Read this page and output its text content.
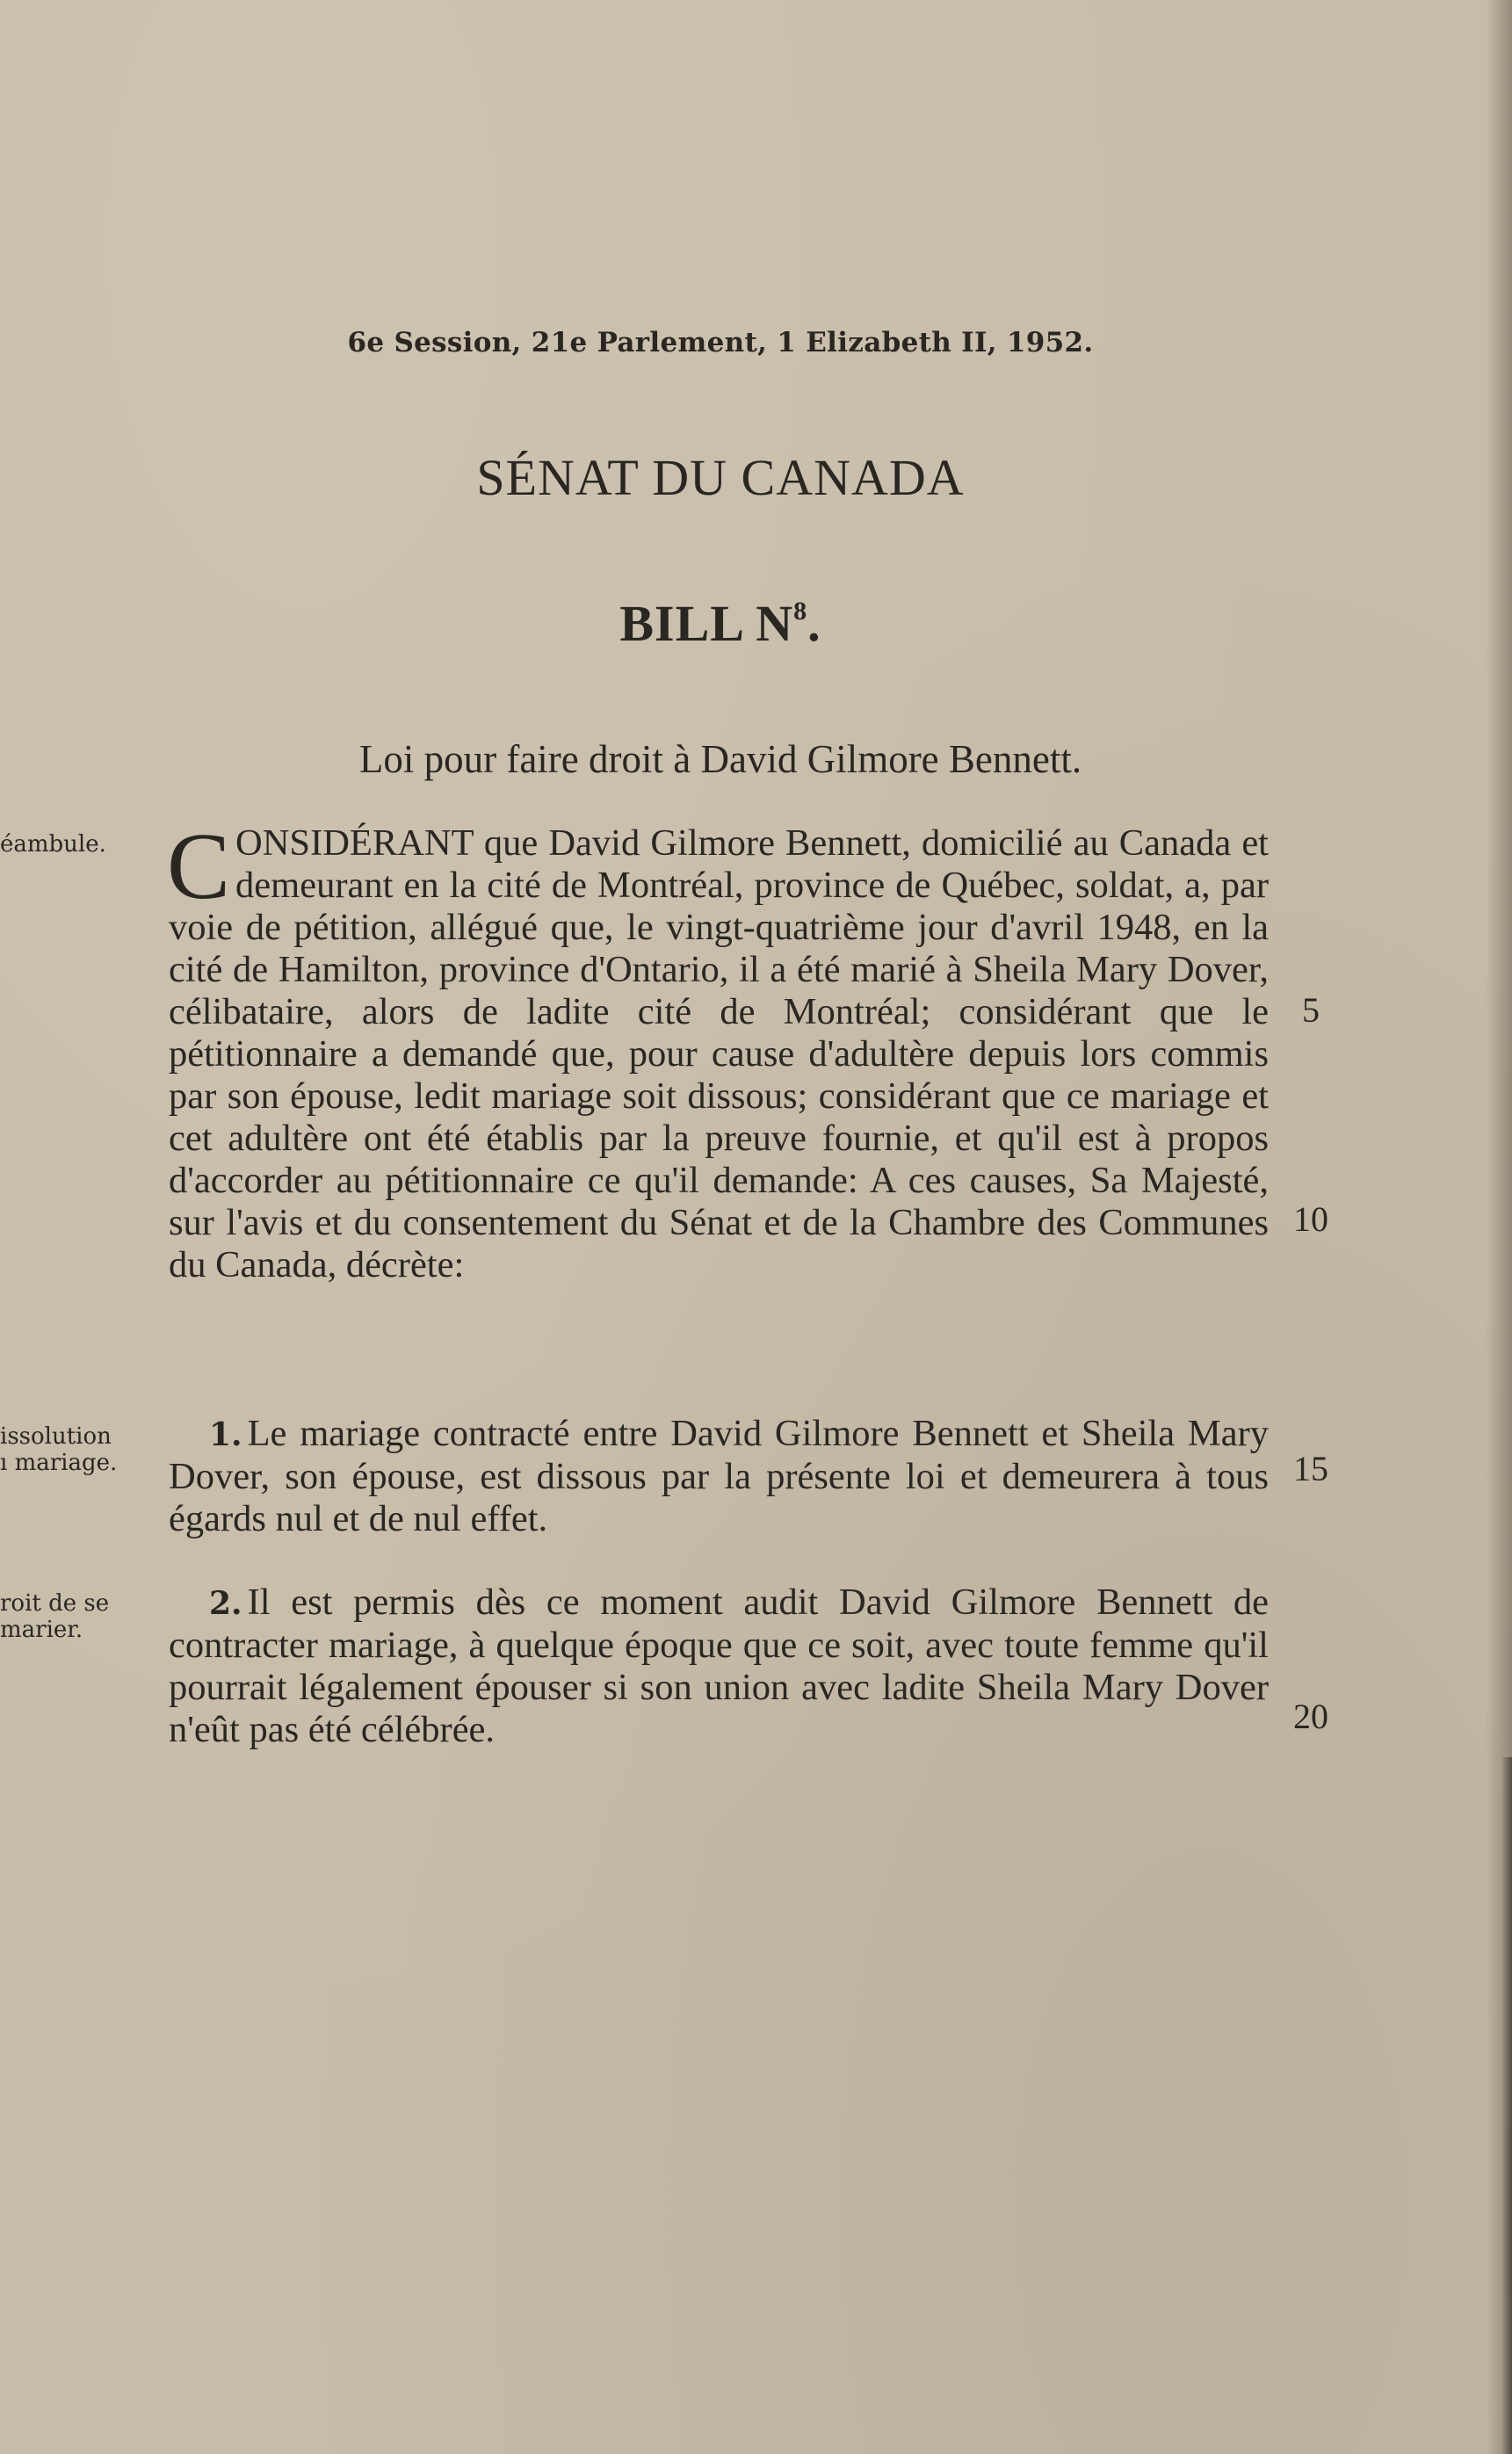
6e Session, 21e Parlement, 1 Elizabeth II, 1952.
SÉNAT DU CANADA
BILL $N^8$.
Loi pour faire droit à David Gilmore Bennett.
éambule.
issolution
ı mariage.
roit de se
marier.

CONSIDÉRANT que David Gilmore Bennett, domicilié au Canada et demeurant en la cité de Montréal, province de Québec, soldat, a, par voie de pétition, allégué que, le vingt-quatrième jour d'avril 1948, en la cité de Hamilton, province d'Ontario, il a été marié à Sheila Mary Dover, célibataire, alors de ladite cité de Montréal; considérant que le pétitionnaire a demandé que, pour cause d'adultère depuis lors commis par son épouse, ledit mariage soit dissous; considérant que ce mariage et cet adultère ont été établis par la preuve fournie, et qu'il est à propos d'accorder au pétitionnaire ce qu'il demande: A ces causes, Sa Majesté, sur l'avis et du consentement du Sénat et de la Chambre des Communes du Canada, décrète:

1. Le mariage contracté entre David Gilmore Bennett et Sheila Mary Dover, son épouse, est dissous par la présente loi et demeurera à tous égards nul et de nul effet.

2. Il est permis dès ce moment audit David Gilmore Bennett de contracter mariage, à quelque époque que ce soit, avec toute femme qu'il pourrait légalement épouser si son union avec ladite Sheila Mary Dover n'eût pas été célébrée.

5
10
15
20
